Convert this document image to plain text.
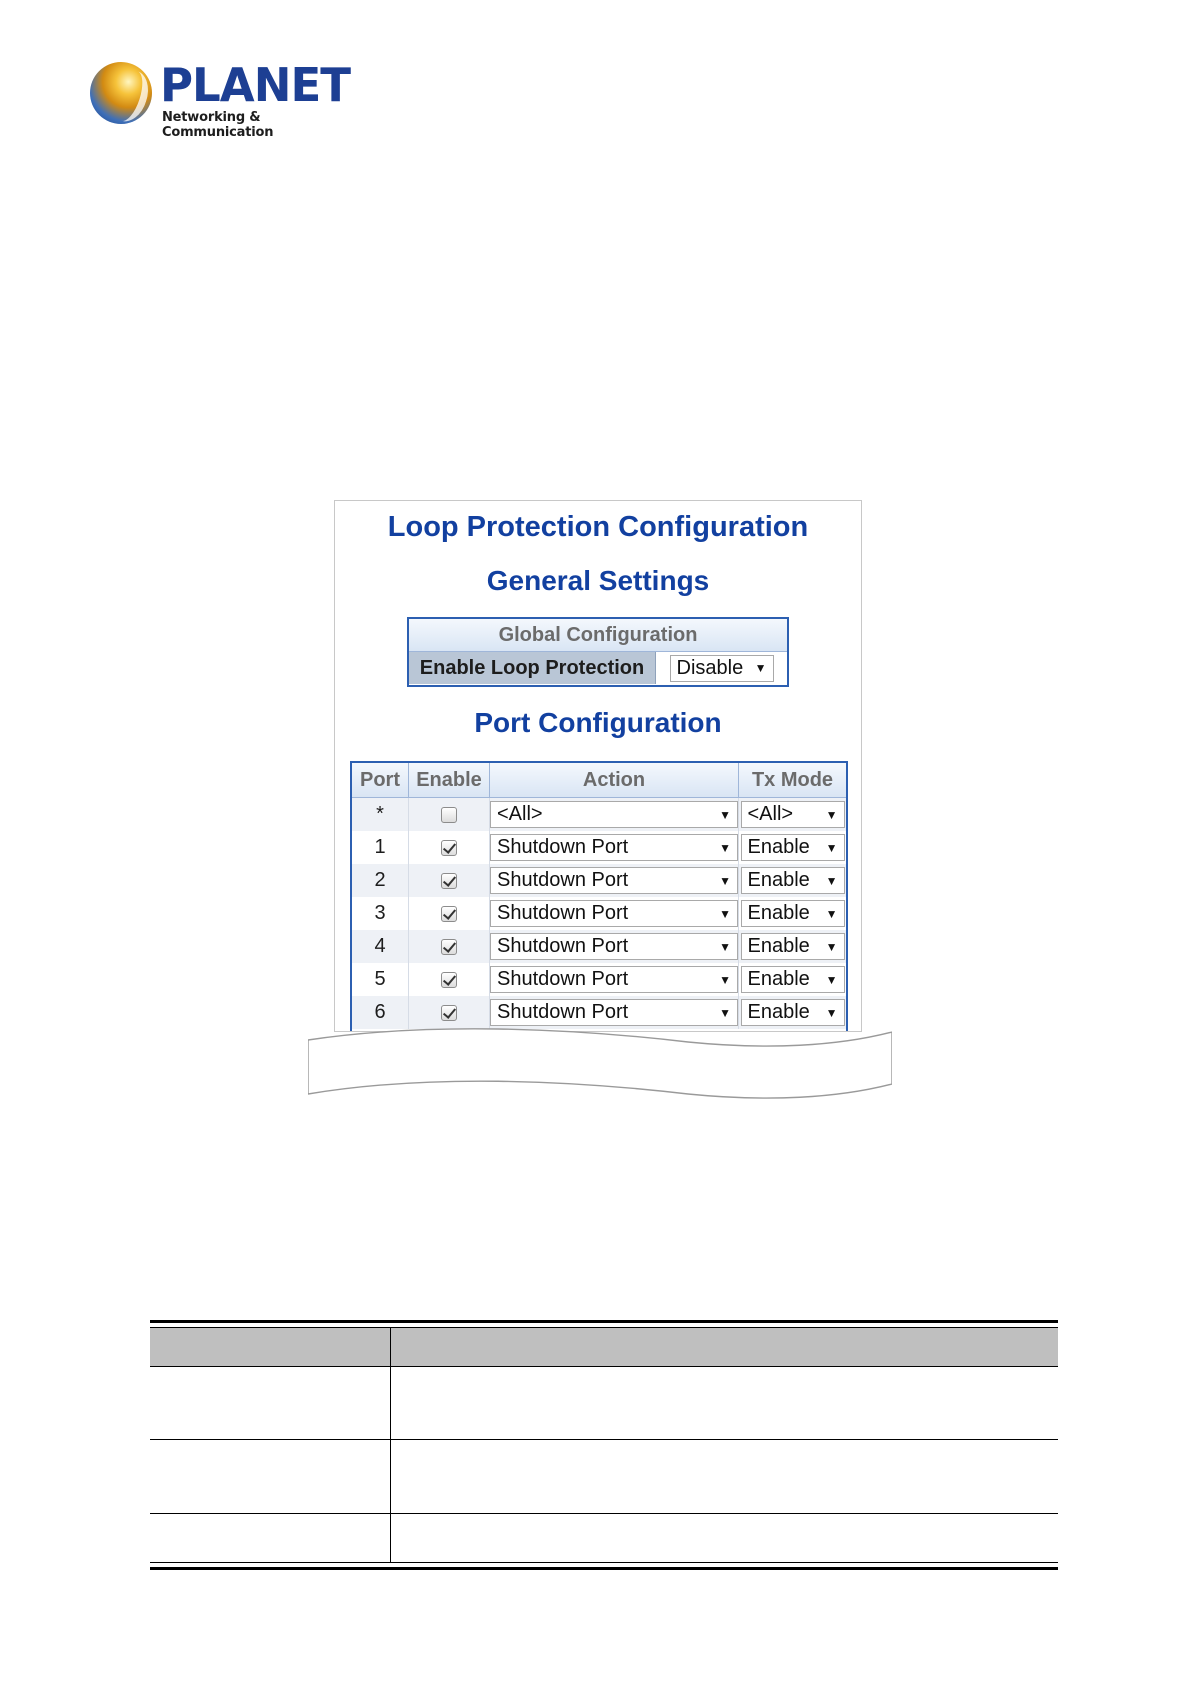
PLANET
Networking & Communication
Loop Protection Configuration
General Settings
Global Configuration
Enable Loop Protection	Disable ▼
Port Configuration
Port	Enable	Action	Tx Mode
*		<All> ▼	<All> ▼

1		Shutdown Port ▼	Enable ▼

2		Shutdown Port ▼	Enable ▼

3		Shutdown Port ▼	Enable ▼

4		Shutdown Port ▼	Enable ▼

5		Shutdown Port ▼	Enable ▼

6		Shutdown Port ▼	Enable ▼
